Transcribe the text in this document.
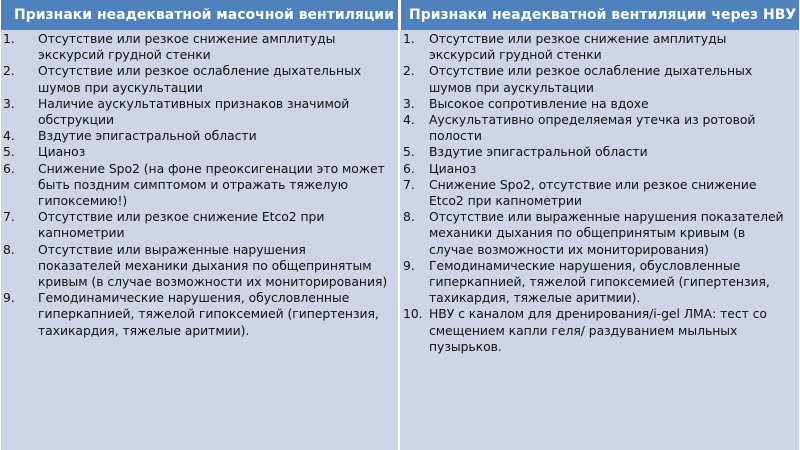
Признаки неадекватной масочной вентиляции	Признаки неадекватной вентиляции через НВУ
1. Отсутствие или резкое снижение амплитуды экскурсий грудной стенки
2. Отсутствие или резкое ослабление дыхательных шумов при аускультации
3. Наличие аускультативных признаков значимой обструкции
4. Вздутие эпигастральной области
5. Цианоз
6. Снижение Spo2 (на фоне преоксигенации это может быть поздним симптомом и отражать тяжелую гипоксемию!)
7. Отсутствие или резкое снижение Etco2 при капнометрии
8. Отсутствие или выраженные нарушения показателей механики дыхания по общепринятым кривым (в случае возможности их мониторирования)
9. Гемодинамические нарушения, обусловленные гиперкапнией, тяжелой гипоксемией (гипертензия, тахикардия, тяжелые аритмии).
1. Отсутствие или резкое снижение амплитуды экскурсий грудной стенки
2. Отсутствие или резкое ослабление дыхательных шумов при аускультации
3. Высокое сопротивление на вдохе
4. Аускультативно определяемая утечка из ротовой полости
5. Вздутие эпигастральной области
6. Цианоз
7. Снижение Spo2, отсутствие или резкое снижение Etco2 при капнометрии
8. Отсутствие или выраженные нарушения показателей механики дыхания по общепринятым кривым (в случае возможности их мониторирования)
9. Гемодинамические нарушения, обусловленные гиперкапнией, тяжелой гипоксемией (гипертензия, тахикардия, тяжелые аритмии).
10. НВУ с каналом для дренирования/i-gel ЛМА: тест со смещением капли геля/ раздуванием мыльных пузырьков.
